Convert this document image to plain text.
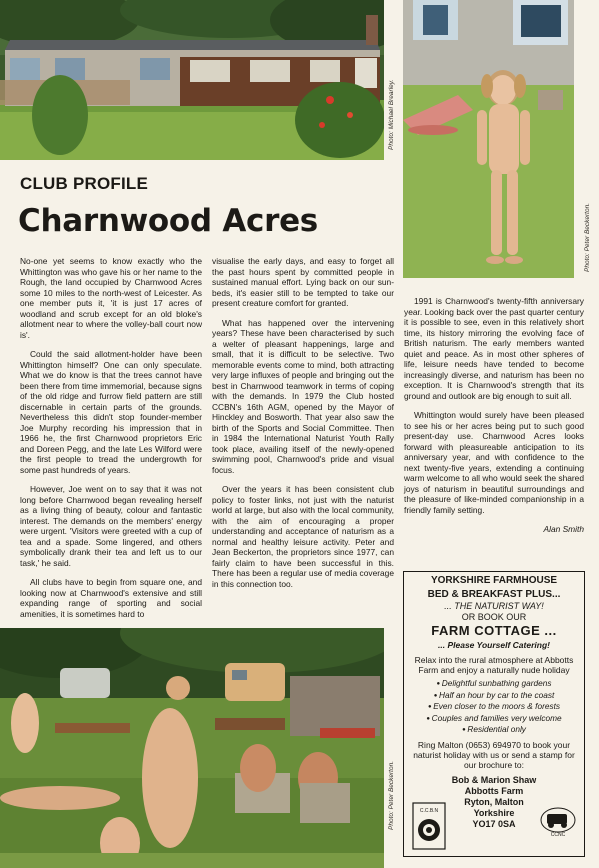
Photo: Michael Brearley.
Photo: Peter Beckerton.
CLUB PROFILE
Charnwood Acres

No-one yet seems to know exactly who the Whittington was who gave his or her name to the Rough, the land occupied by Charnwood Acres some 10 miles to the north-west of Leicester. As one member puts it, 'it is just 17 acres of woodland and scrub except for an old bloke's allotment near to where the volley-ball court now is'.

Could the said allotment-holder have been Whittington himself? One can only speculate. What we do know is that the trees cannot have been there from time immemorial, because signs of the old ridge and furrow field pattern are still discernable in certain parts of the grounds. Nevertheless this didn't stop founder-member Joe Murphy recording his impression that in 1966 he, the first Charnwood proprietors Eric and Doreen Pegg, and the late Les Wilford were the first people to tread the undergrowth for some past hundreds of years.

However, Joe went on to say that it was not long before Charnwood began revealing herself as a living thing of beauty, colour and fantastic interest. The demands on the members' energy were urgent. 'Visitors were greeted with a cup of tea and a spade. Some lingered, and others symbolically drank their tea and left us to our task,' he said.

All clubs have to begin from square one, and looking now at Charnwood's extensive and still expanding range of sporting and social amenities, it is sometimes hard to

visualise the early days, and easy to forget all the past hours spent by committed people in sustained manual effort. Lying back on our sun-beds, it's easier still to be tempted to take our present creature comfort for granted.

What has happened over the intervening years? These have been characterised by such a welter of pleasant happenings, large and small, that it is difficult to be selective. Two memorable events come to mind, both attracting very large influxes of people and bringing out the best in Charnwood teamwork in terms of coping with the demands. In 1979 the Club hosted CCBN's 16th AGM, opened by the Mayor of Hinckley and Bosworth. That year also saw the birth of the Sports and Social Committee. Then in 1984 the International Naturist Youth Rally took place, availing itself of the newly-opened swimming pool, Charnwood's pride and visual focus.

Over the years it has been consistent club policy to foster links, not just with the naturist world at large, but also with the local community, with the aim of encouraging a proper understanding and acceptance of naturism as a normal and healthy leisure activity. Peter and Jean Beckerton, the proprietors since 1977, can fairly claim to have been successful in this. There has been a regular use of media coverage in this connection too.

1991 is Charnwood's twenty-fifth anniversary year. Looking back over the past quarter century it is possible to see, even in this relatively short time, its history mirroring the evolving face of British naturism. The early members wanted quiet and peace. As in most other spheres of life, leisure needs have tended to become increasingly diverse, and naturism has been no exception. It is Charnwood's strength that its ground and outlook are big enough to suit all.

Whittington would surely have been pleased to see his or her acres being put to such good present-day use. Charnwood Acres looks forward with pleasureable anticipation to its anniversary year, and with confidence to the next twenty-five years, extending a continuing warm welcome to all who would seek the shared joys of naturism in beautiful surroundings and the pleasure of like-minded companionship in a friendly family setting.

Alan Smith
Photo: Peter Beckerton.
YORKSHIRE FARMHOUSE
BED & BREAKFAST PLUS...
... THE NATURIST WAY!
OR BOOK OUR
FARM COTTAGE ...
... Please Yourself Catering!
Relax into the rural atmosphere at Abbotts Farm and enjoy a naturally nude holiday
● Delightful sunbathing gardens
● Half an hour by car to the coast
● Even closer to the moors & forests
● Couples and families very welcome
● Residential only
Ring Malton (0653) 694970 to book your naturist holiday with us or send a stamp for our brochure to:
Bob & Marion Shaw
Abbotts Farm
Ryton, Malton
Yorkshire
YO17 0SA
C.C.B.N
CCNC
